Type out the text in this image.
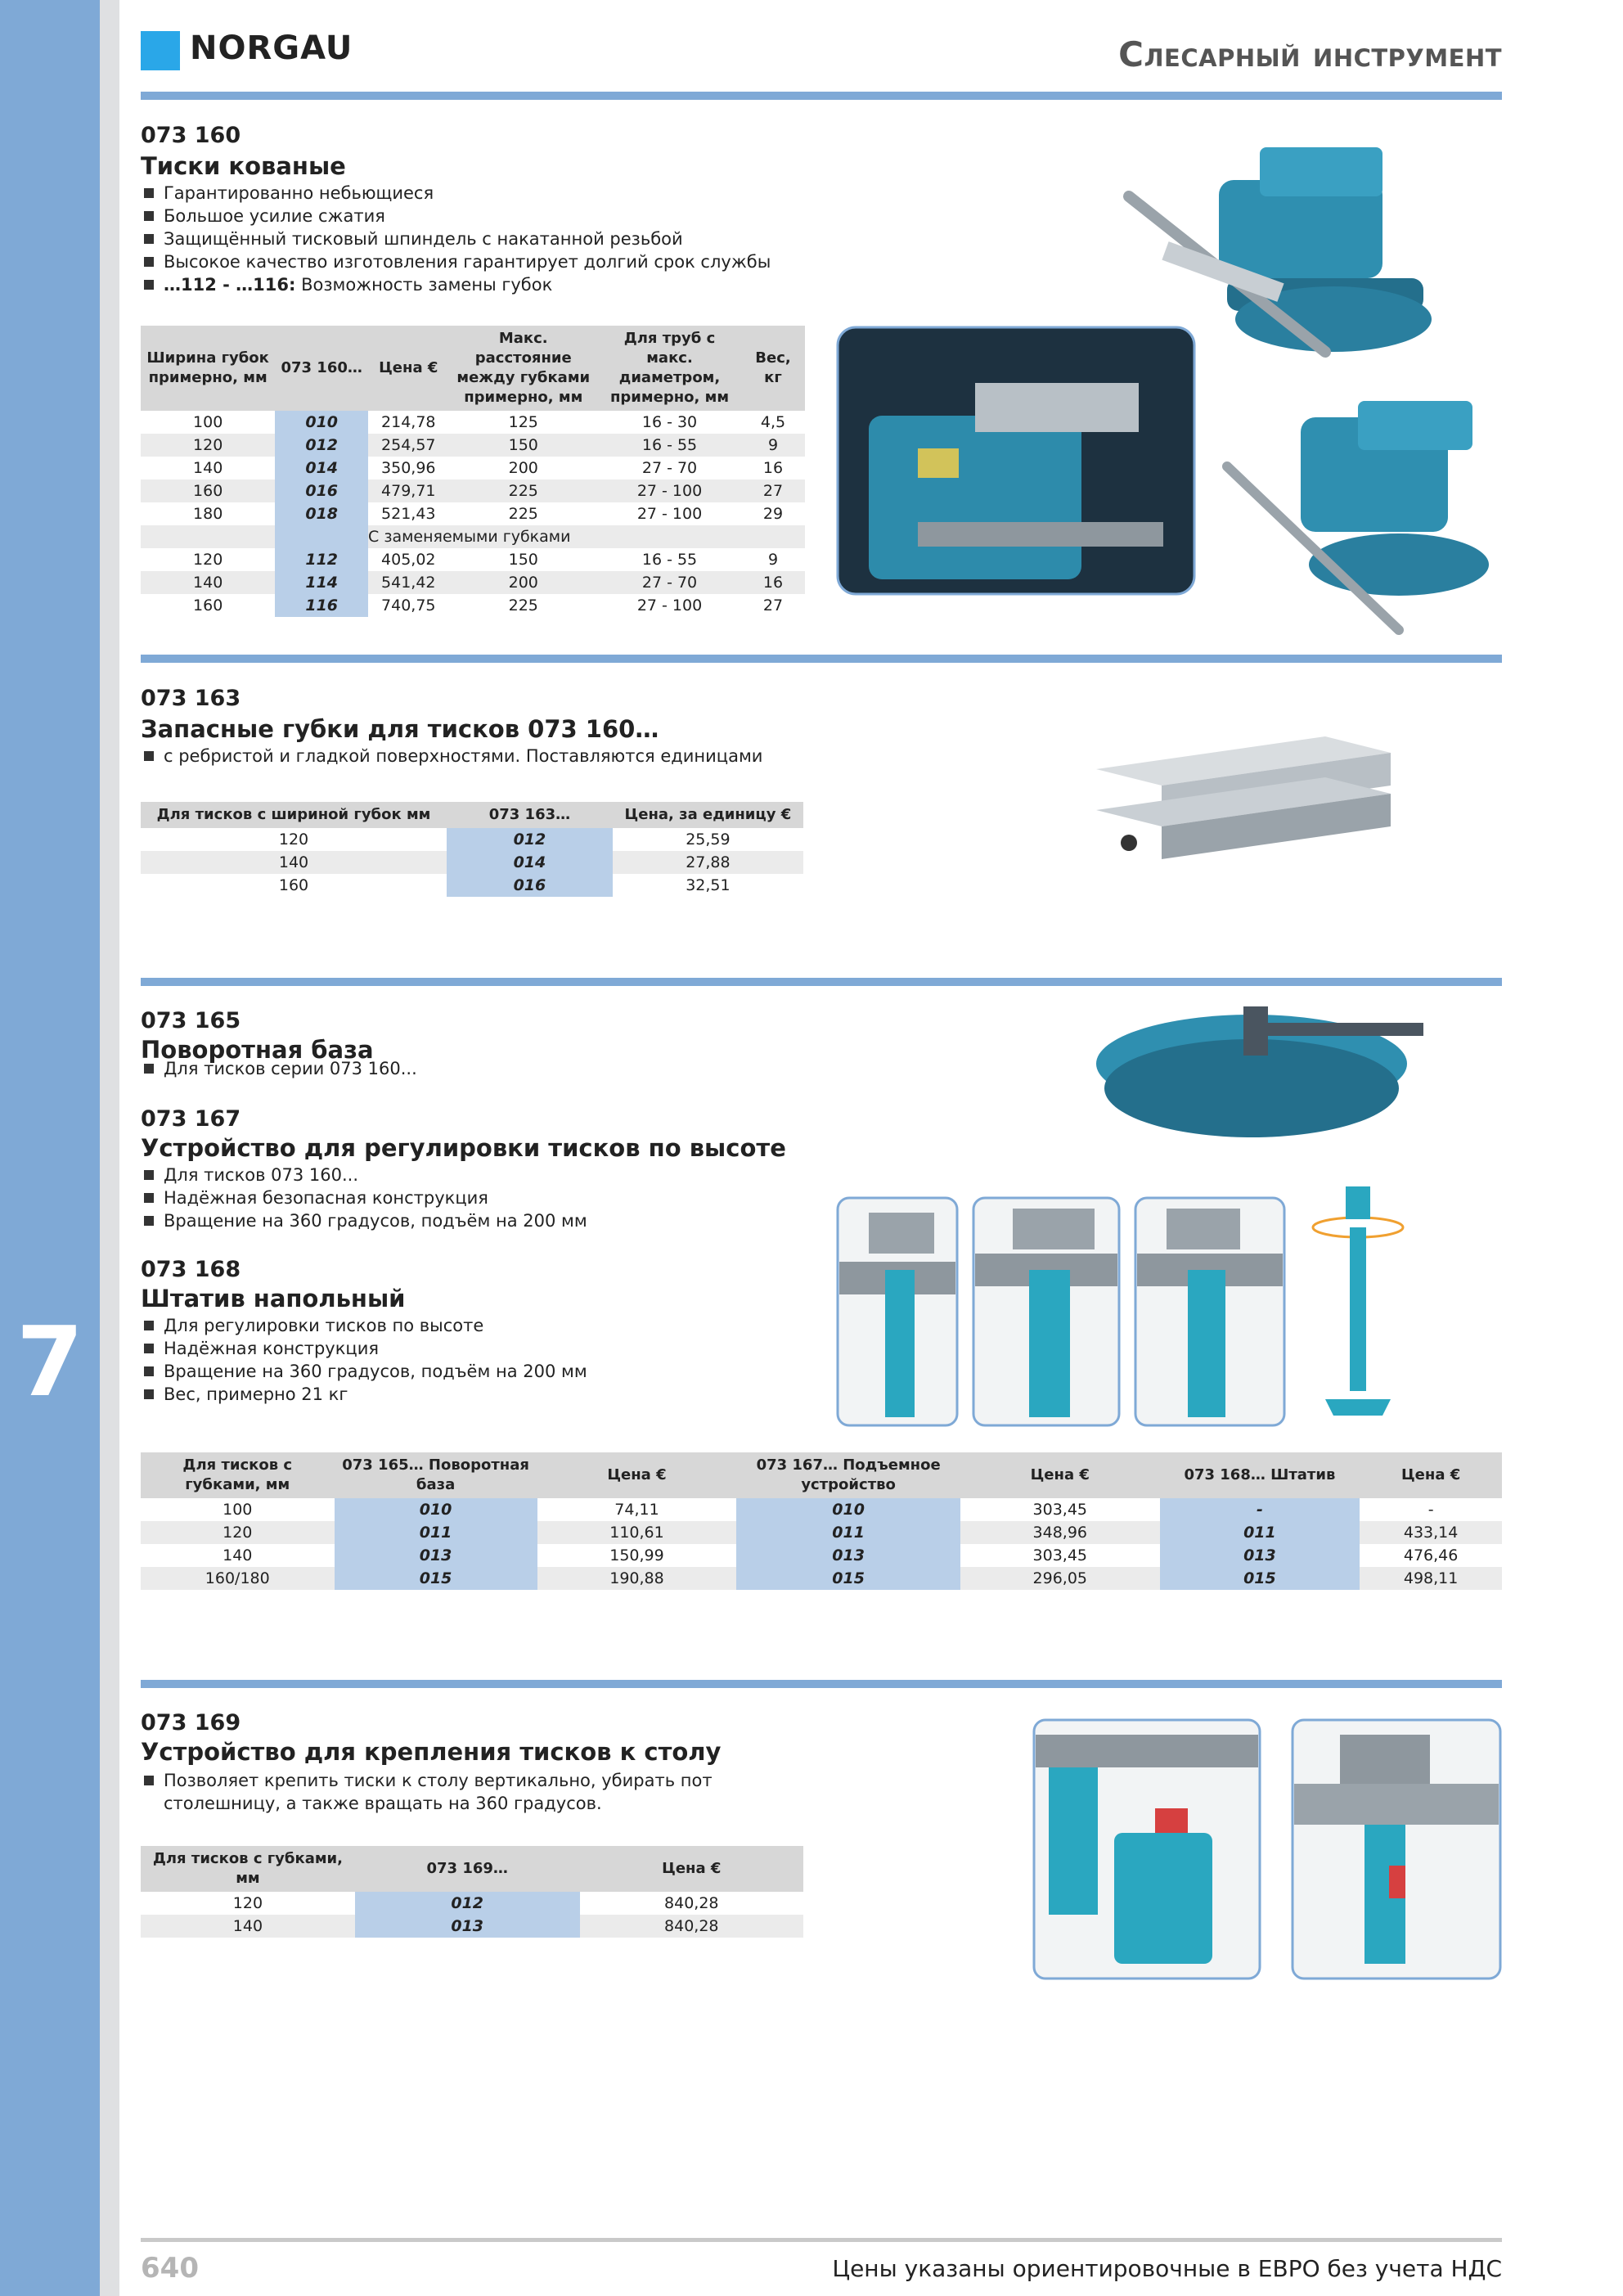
7
NORGAU	Слесарный инструмент
073 160
Тиски кованые
Гарантированно небьющиеся
Большое усилие сжатия
Защищённый тисковый шпиндель с накатанной резьбой
Высокое качество изготовления гарантирует долгий срок службы
…112 - …116: Возможность замены губок
Ширина губок примерно, мм	073 160…	Цена €	Макс. расстояние между губками примерно, мм	Для труб с макс. диаметром, примерно, мм	Вес, кг
100	010	214,78	125	16 - 30	4,5
120	012	254,57	150	16 - 55	9
140	014	350,96	200	27 - 70	16
160	016	479,71	225	27 - 100	27
180	018	521,43	225	27 - 100	29
		С заменяемыми губками			
120	112	405,02	150	16 - 55	9
140	114	541,42	200	27 - 70	16
160	116	740,75	225	27 - 100	27
073 163
Запасные губки для тисков 073 160…
с ребристой и гладкой поверхностями. Поставляются единицами
Для тисков с шириной губок мм	073 163…	Цена, за единицу €
120	012	25,59
140	014	27,88
160	016	32,51
073 165
Поворотная база
Для тисков серии 073 160...
073 167
Устройство для регулировки тисков по высоте
Для тисков 073 160...
Надёжная безопасная конструкция
Вращение на 360 градусов, подъём на 200 мм
073 168
Штатив напольный
Для регулировки тисков по высоте
Надёжная конструкция
Вращение на 360 градусов, подъём на 200 мм
Вес, примерно 21 кг
Для тисков с губками, мм	073 165… Поворотная база	Цена €	073 167… Подъемное устройство	Цена €	073 168… Штатив	Цена €
100	010	74,11	010	303,45	-	-
120	011	110,61	011	348,96	011	433,14
140	013	150,99	013	303,45	013	476,46
160/180	015	190,88	015	296,05	015	498,11
073 169
Устройство для крепления тисков к столу
Позволяет крепить тиски к столу вертикально, убирать пот столешницу, а также вращать на 360 градусов.
Для тисков с губками, мм	073 169…	Цена €
120	012	840,28
140	013	840,28
640	Цены указаны ориентировочные в ЕВРО без учета НДС
